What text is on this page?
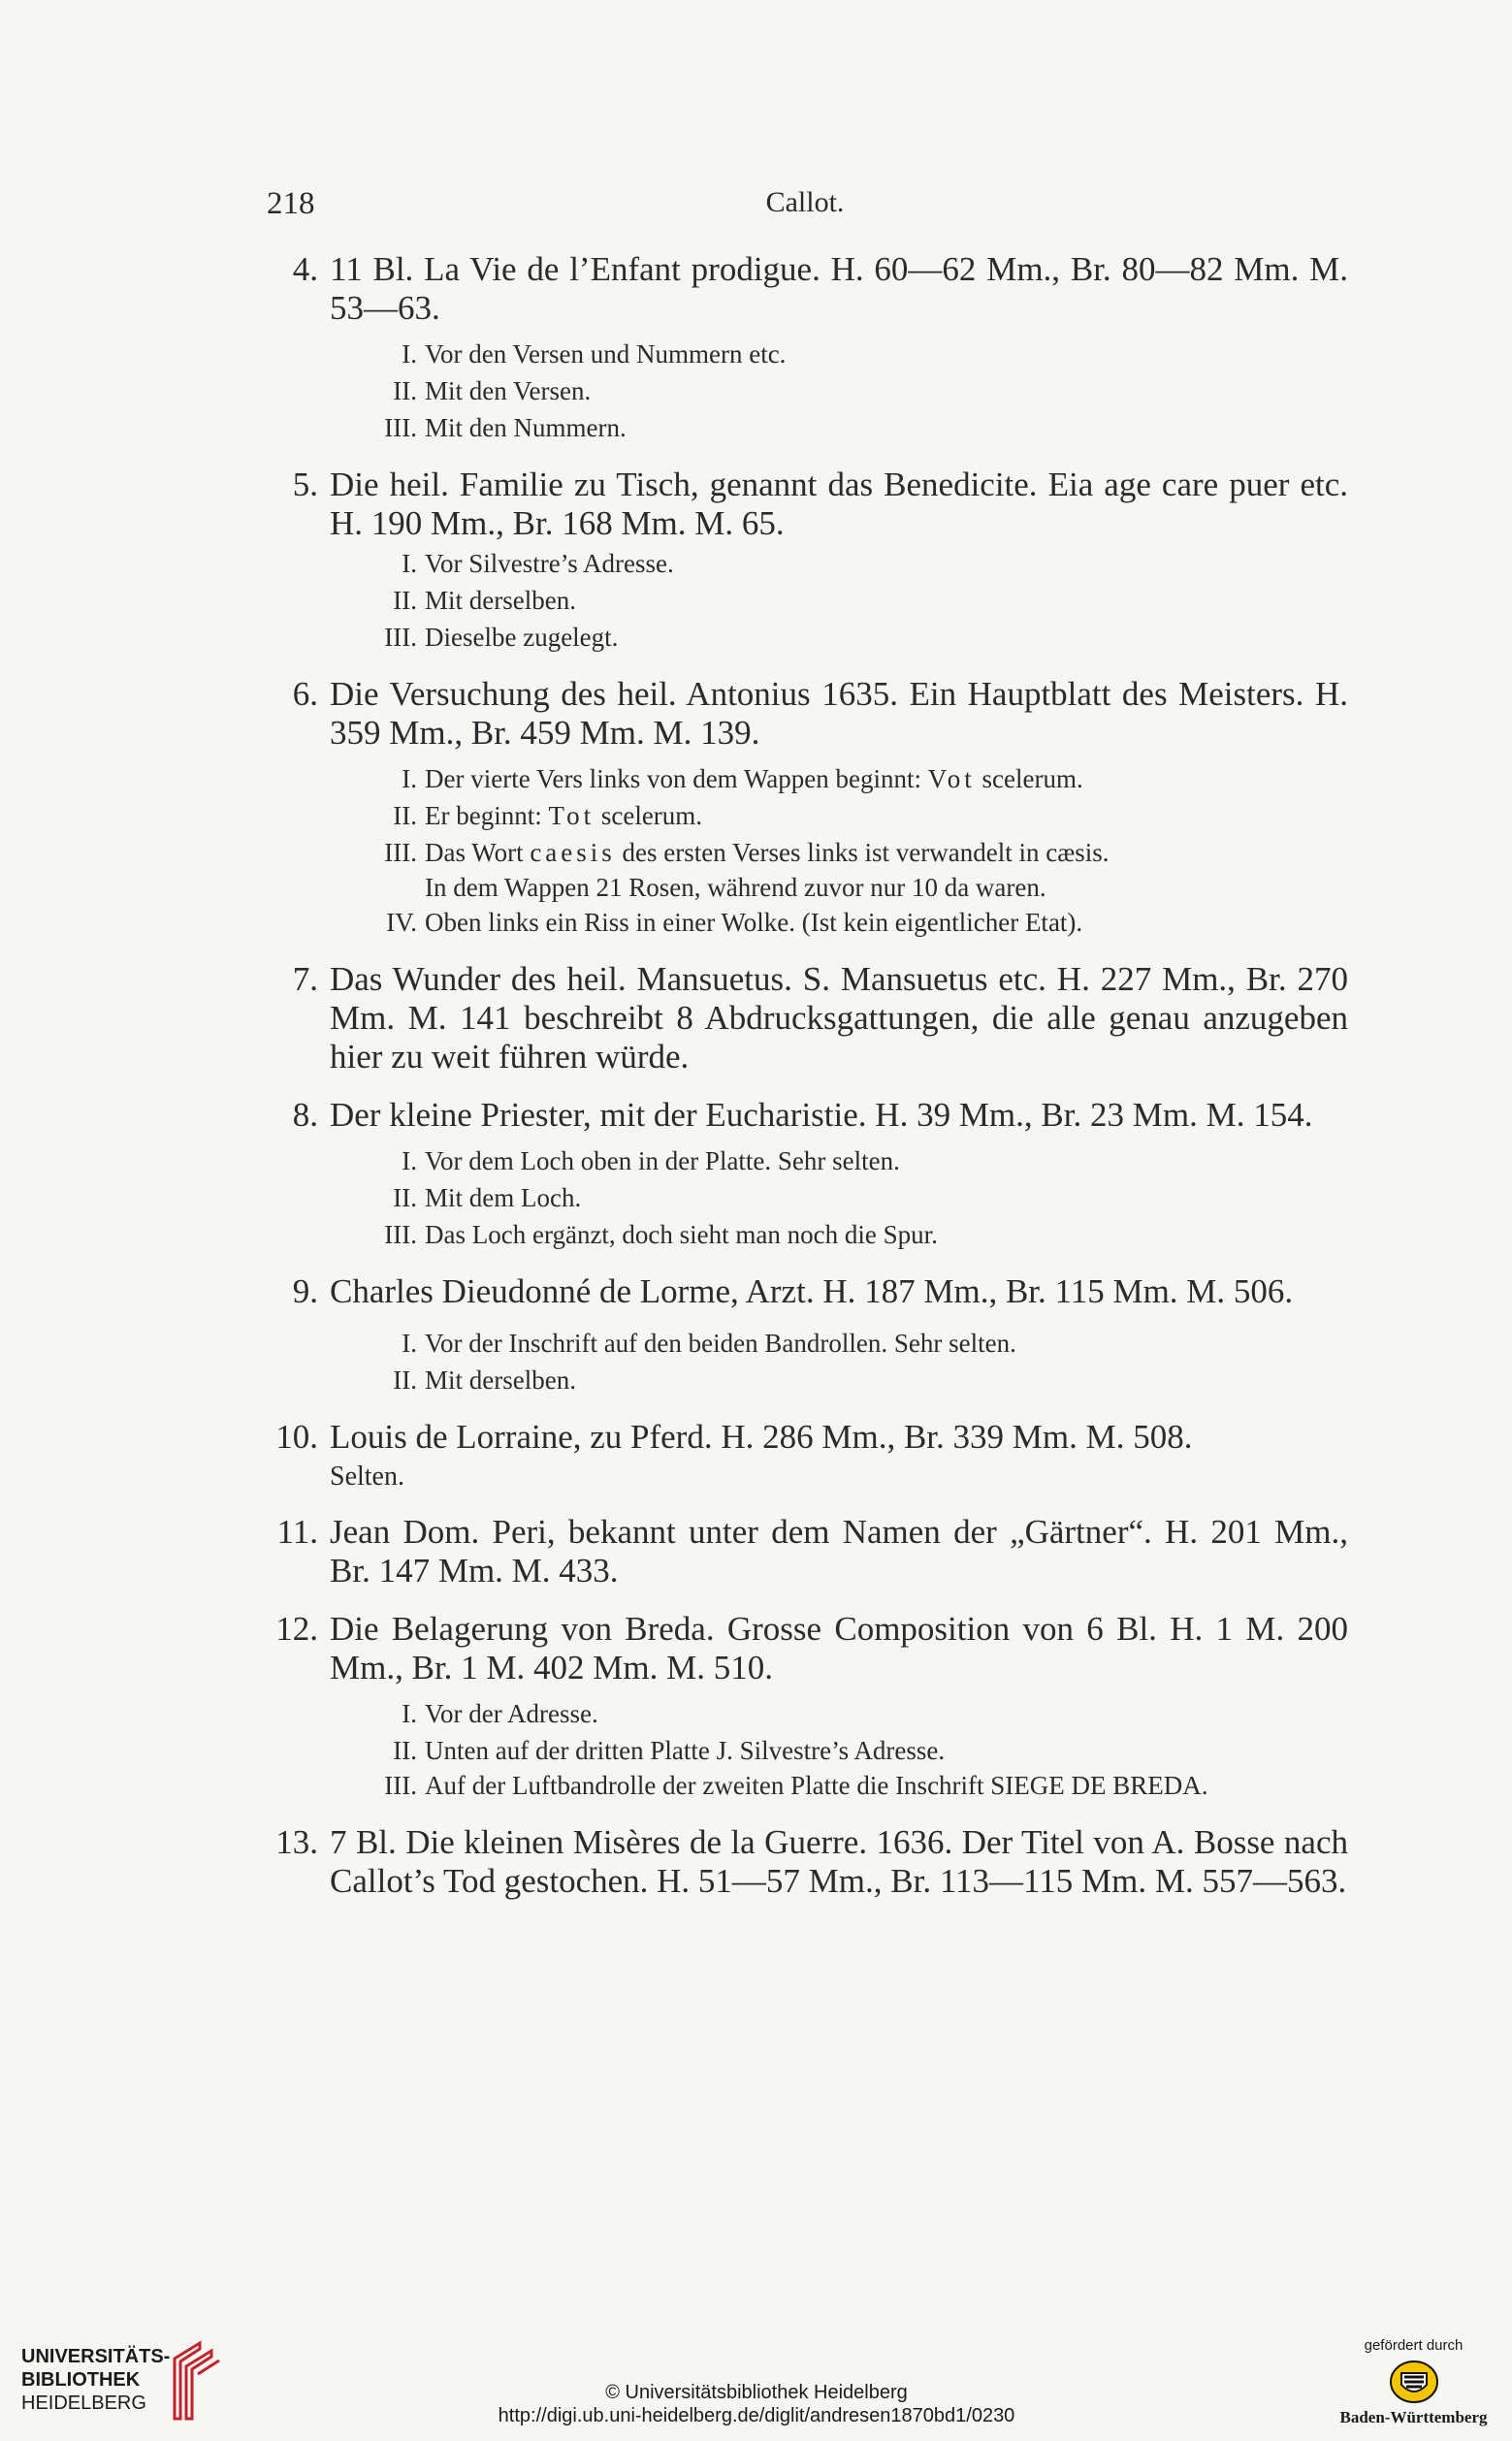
218	Callot.
4. 11 Bl. La Vie de l’Enfant prodigue. H. 60—62 Mm., Br. 80—82 Mm. M. 53—63.
I. Vor den Versen und Nummern etc.
II. Mit den Versen.
III. Mit den Nummern.
5. Die heil. Familie zu Tisch, genannt das Benedicite. Eia age care puer etc. H. 190 Mm., Br. 168 Mm. M. 65.
I. Vor Silvestre’s Adresse.
II. Mit derselben.
III. Dieselbe zugelegt.
6. Die Versuchung des heil. Antonius 1635. Ein Hauptblatt des Meisters. H. 359 Mm., Br. 459 Mm. M. 139.
I. Der vierte Vers links von dem Wappen beginnt: Vot scelerum.
II. Er beginnt: Tot scelerum.
III. Das Wort caesis des ersten Verses links ist verwandelt in cæsis.
In dem Wappen 21 Rosen, während zuvor nur 10 da waren.
IV. Oben links ein Riss in einer Wolke. (Ist kein eigentlicher Etat).
7. Das Wunder des heil. Mansuetus. S. Mansuetus etc. H. 227 Mm., Br. 270 Mm. M. 141 beschreibt 8 Abdrucksgattungen, die alle genau anzugeben hier zu weit führen würde.
8. Der kleine Priester, mit der Eucharistie. H. 39 Mm., Br. 23 Mm. M. 154.
I. Vor dem Loch oben in der Platte. Sehr selten.
II. Mit dem Loch.
III. Das Loch ergänzt, doch sieht man noch die Spur.
9. Charles Dieudonné de Lorme, Arzt. H. 187 Mm., Br. 115 Mm. M. 506.
I. Vor der Inschrift auf den beiden Bandrollen. Sehr selten.
II. Mit derselben.
10. Louis de Lorraine, zu Pferd. H. 286 Mm., Br. 339 Mm. M. 508.
Selten.
11. Jean Dom. Peri, bekannt unter dem Namen der „Gärtner“. H. 201 Mm., Br. 147 Mm. M. 433.
12. Die Belagerung von Breda. Grosse Composition von 6 Bl. H. 1 M. 200 Mm., Br. 1 M. 402 Mm. M. 510.
I. Vor der Adresse.
II. Unten auf der dritten Platte J. Silvestre’s Adresse.
III. Auf der Luftbandrolle der zweiten Platte die Inschrift SIEGE DE BREDA.
13. 7 Bl. Die kleinen Misères de la Guerre. 1636. Der Titel von A. Bosse nach Callot’s Tod gestochen. H. 51—57 Mm., Br. 113—115 Mm. M. 557—563.
UNIVERSITÄTS-
BIBLIOTHEK
HEIDELBERG	© Universitätsbibliothek Heidelberg
http://digi.ub.uni-heidelberg.de/diglit/andresen1870bd1/0230
gefördert durch
Baden-Württemberg
